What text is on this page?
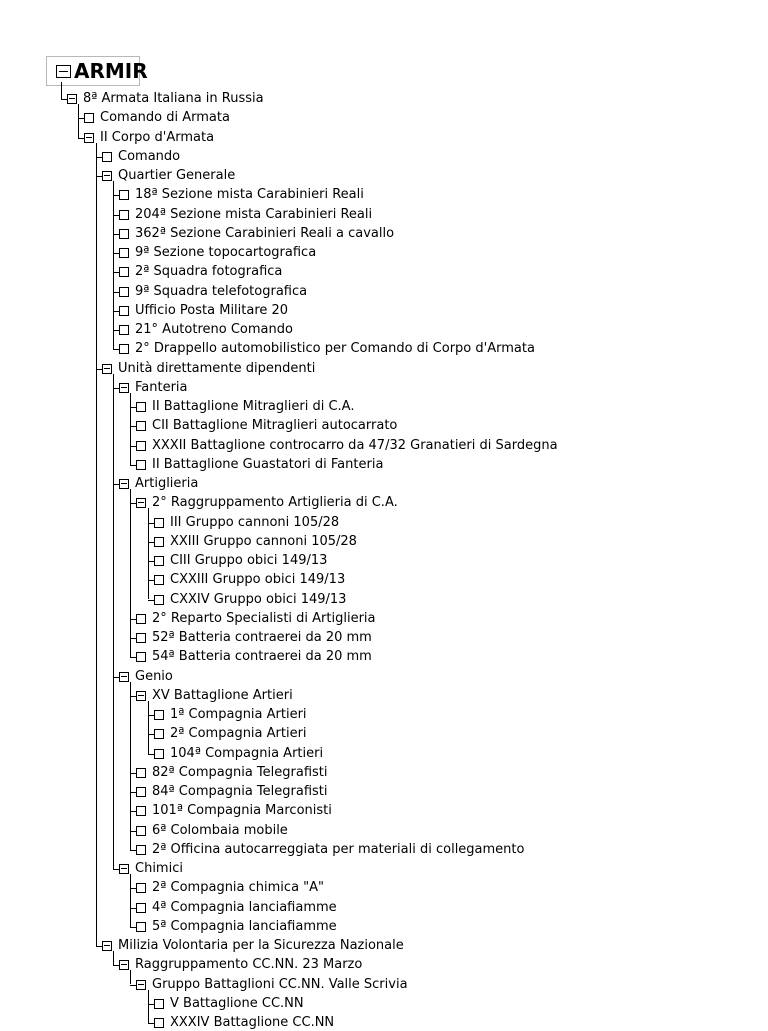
ARMIR
8ª Armata Italiana in Russia
Comando di Armata
II Corpo d'Armata
Comando
Quartier Generale
18ª Sezione mista Carabinieri Reali
204ª Sezione mista Carabinieri Reali
362ª Sezione Carabinieri Reali a cavallo
9ª Sezione topocartografica
2ª Squadra fotografica
9ª Squadra telefotografica
Ufficio Posta Militare 20
21° Autotreno Comando
2° Drappello automobilistico per Comando di Corpo d'Armata
Unità direttamente dipendenti
Fanteria
II Battaglione Mitraglieri di C.A.
CII Battaglione Mitraglieri autocarrato
XXXII Battaglione controcarro da 47/32 Granatieri di Sardegna
II Battaglione Guastatori di Fanteria
Artiglieria
2° Raggruppamento Artiglieria di C.A.
III Gruppo cannoni 105/28
XXIII Gruppo cannoni 105/28
CIII Gruppo obici 149/13
CXXIII Gruppo obici 149/13
CXXIV Gruppo obici 149/13
2° Reparto Specialisti di Artiglieria
52ª Batteria contraerei da 20 mm
54ª Batteria contraerei da 20 mm
Genio
XV Battaglione Artieri
1ª Compagnia Artieri
2ª Compagnia Artieri
104ª Compagnia Artieri
82ª Compagnia Telegrafisti
84ª Compagnia Telegrafisti
101ª Compagnia Marconisti
6ª Colombaia mobile
2ª Officina autocarreggiata per materiali di collegamento
Chimici
2ª Compagnia chimica "A"
4ª Compagnia lanciafiamme
5ª Compagnia lanciafiamme
Milizia Volontaria per la Sicurezza Nazionale
Raggruppamento CC.NN. 23 Marzo
Gruppo Battaglioni CC.NN. Valle Scrivia
V Battaglione CC.NN
XXXIV Battaglione CC.NN
